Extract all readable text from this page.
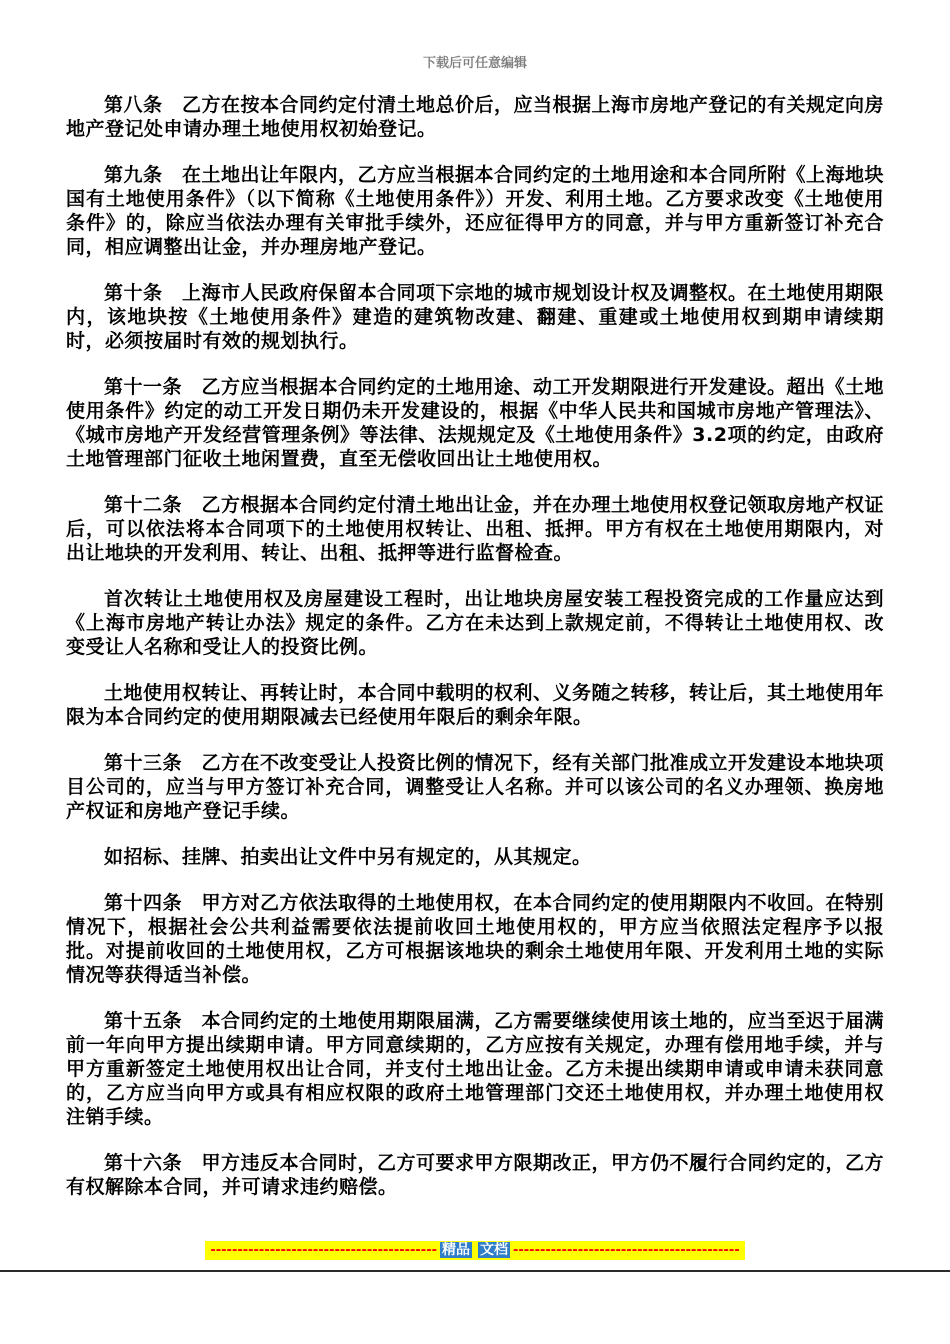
下载后可任意编辑

第八条　乙方在按本合同约定付清土地总价后，应当根据上海市房地产登记的有关规定向房地产登记处申请办理土地使用权初始登记。

第九条　在土地出让年限内，乙方应当根据本合同约定的土地用途和本合同所附《上海地块国有土地使用条件》（以下简称《土地使用条件》）开发、利用土地。乙方要求改变《土地使用条件》的，除应当依法办理有关审批手续外，还应征得甲方的同意，并与甲方重新签订补充合同，相应调整出让金，并办理房地产登记。

第十条　上海市人民政府保留本合同项下宗地的城市规划设计权及调整权。在土地使用期限内，该地块按《土地使用条件》建造的建筑物改建、翻建、重建或土地使用权到期申请续期时，必须按届时有效的规划执行。

第十一条　乙方应当根据本合同约定的土地用途、动工开发期限进行开发建设。超出《土地使用条件》约定的动工开发日期仍未开发建设的，根据《中华人民共和国城市房地产管理法》、《城市房地产开发经营管理条例》等法律、法规规定及《土地使用条件》3.2项的约定，由政府土地管理部门征收土地闲置费，直至无偿收回出让土地使用权。

第十二条　乙方根据本合同约定付清土地出让金，并在办理土地使用权登记领取房地产权证后，可以依法将本合同项下的土地使用权转让、出租、抵押。甲方有权在土地使用期限内，对出让地块的开发利用、转让、出租、抵押等进行监督检查。

首次转让土地使用权及房屋建设工程时，出让地块房屋安装工程投资完成的工作量应达到《上海市房地产转让办法》规定的条件。乙方在未达到上款规定前，不得转让土地使用权、改变受让人名称和受让人的投资比例。

土地使用权转让、再转让时，本合同中载明的权利、义务随之转移，转让后，其土地使用年限为本合同约定的使用期限减去已经使用年限后的剩余年限。

第十三条　乙方在不改变受让人投资比例的情况下，经有关部门批准成立开发建设本地块项目公司的，应当与甲方签订补充合同，调整受让人名称。并可以该公司的名义办理领、换房地产权证和房地产登记手续。

如招标、挂牌、拍卖出让文件中另有规定的，从其规定。

第十四条　甲方对乙方依法取得的土地使用权，在本合同约定的使用期限内不收回。在特别情况下，根据社会公共利益需要依法提前收回土地使用权的，甲方应当依照法定程序予以报批。对提前收回的土地使用权，乙方可根据该地块的剩余土地使用年限、开发利用土地的实际情况等获得适当补偿。

第十五条　本合同约定的土地使用期限届满，乙方需要继续使用该土地的，应当至迟于届满前一年向甲方提出续期申请。甲方同意续期的，乙方应按有关规定，办理有偿用地手续，并与甲方重新签定土地使用权出让合同，并支付土地出让金。乙方未提出续期申请或申请未获同意的，乙方应当向甲方或具有相应权限的政府土地管理部门交还土地使用权，并办理土地使用权注销手续。

第十六条　甲方违反本合同时，乙方可要求甲方限期改正，甲方仍不履行合同约定的，乙方有权解除本合同，并可请求违约赔偿。

------------------------------------------ 精品 文档 ------------------------------------------
